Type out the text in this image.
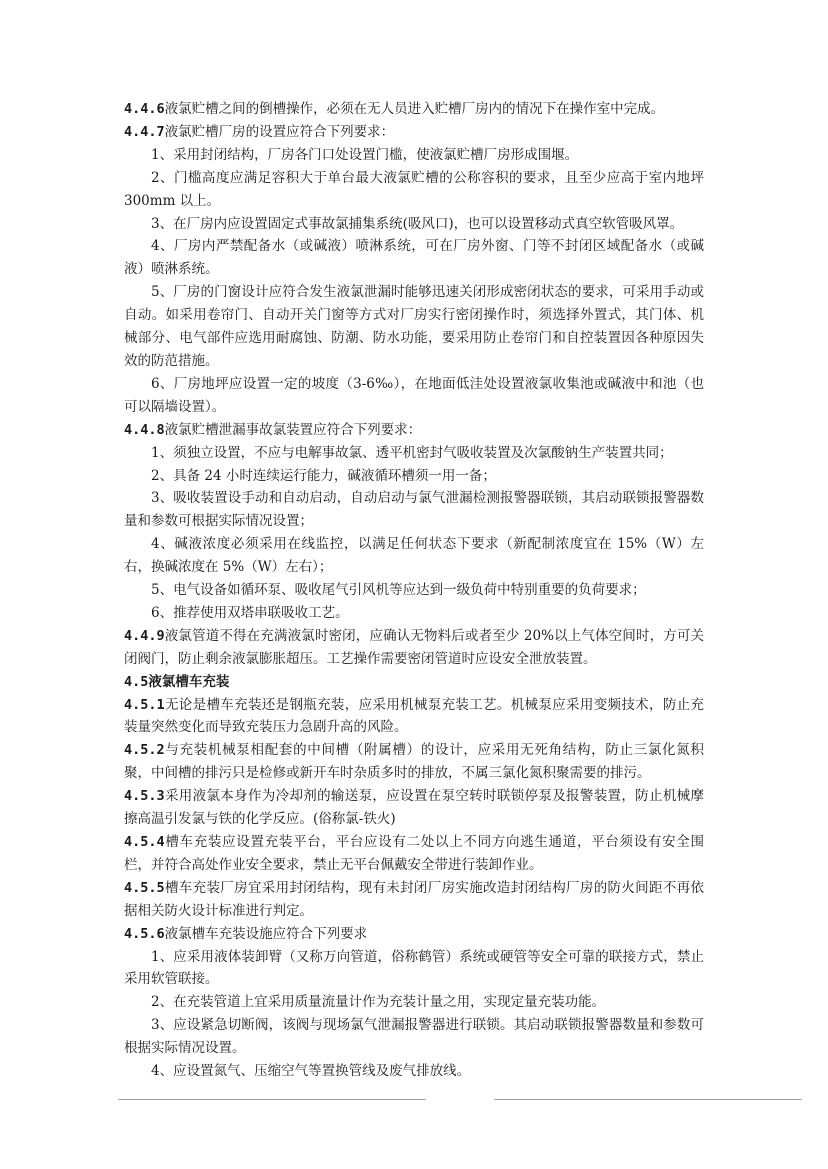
4.4.6液氯贮槽之间的倒槽操作，必须在无人员进入贮槽厂房内的情况下在操作室中完成。

4.4.7液氯贮槽厂房的设置应符合下列要求：

1、采用封闭结构，厂房各门口处设置门槛，使液氯贮槽厂房形成围堰。

2、门槛高度应满足容积大于单台最大液氯贮槽的公称容积的要求，且至少应高于室内地坪 300mm 以上。

3、在厂房内应设置固定式事故氯捕集系统(吸风口)，也可以设置移动式真空软管吸风罩。

4、厂房内严禁配备水（或碱液）喷淋系统，可在厂房外窗、门等不封闭区域配备水（或碱液）喷淋系统。

5、厂房的门窗设计应符合发生液氯泄漏时能够迅速关闭形成密闭状态的要求，可采用手动或自动。如采用卷帘门、自动开关门窗等方式对厂房实行密闭操作时，须选择外置式，其门体、机械部分、电气部件应选用耐腐蚀、防潮、防水功能，要采用防止卷帘门和自控装置因各种原因失效的防范措施。

6、厂房地坪应设置一定的坡度（3-6‰），在地面低洼处设置液氯收集池或碱液中和池（也可以隔墙设置）。

4.4.8液氯贮槽泄漏事故氯装置应符合下列要求：

1、须独立设置，不应与电解事故氯、透平机密封气吸收装置及次氯酸钠生产装置共同；

2、具备 24 小时连续运行能力，碱液循环槽须一用一备；

3、吸收装置设手动和自动启动，自动启动与氯气泄漏检测报警器联锁，其启动联锁报警器数量和参数可根据实际情况设置；

4、碱液浓度必须采用在线监控，以满足任何状态下要求（新配制浓度宜在 15%（W）左右，换碱浓度在 5%（W）左右）；

5、电气设备如循环泵、吸收尾气引风机等应达到一级负荷中特别重要的负荷要求；

6、推荐使用双塔串联吸收工艺。

4.4.9液氯管道不得在充满液氯时密闭，应确认无物料后或者至少 20%以上气体空间时，方可关闭阀门，防止剩余液氯膨胀超压。工艺操作需要密闭管道时应设安全泄放装置。

4.5液氯槽车充装

4.5.1无论是槽车充装还是钢瓶充装，应采用机械泵充装工艺。机械泵应采用变频技术，防止充装量突然变化而导致充装压力急剧升高的风险。

4.5.2与充装机械泵相配套的中间槽（附属槽）的设计，应采用无死角结构，防止三氯化氮积聚，中间槽的排污只是检修或新开车时杂质多时的排放，不属三氯化氮积聚需要的排污。

4.5.3采用液氯本身作为冷却剂的输送泵，应设置在泵空转时联锁停泵及报警装置，防止机械摩擦高温引发氯与铁的化学反应。(俗称氯-铁火)

4.5.4槽车充装应设置充装平台，平台应设有二处以上不同方向逃生通道，平台须设有安全围栏，并符合高处作业安全要求，禁止无平台佩戴安全带进行装卸作业。

4.5.5槽车充装厂房宜采用封闭结构，现有未封闭厂房实施改造封闭结构厂房的防火间距不再依据相关防火设计标准进行判定。

4.5.6液氯槽车充装设施应符合下列要求

1、应采用液体装卸臂（又称万向管道，俗称鹤管）系统或硬管等安全可靠的联接方式，禁止采用软管联接。

2、在充装管道上宜采用质量流量计作为充装计量之用，实现定量充装功能。

3、应设紧急切断阀，该阀与现场氯气泄漏报警器进行联锁。其启动联锁报警器数量和参数可根据实际情况设置。

4、应设置氮气、压缩空气等置换管线及废气排放线。
